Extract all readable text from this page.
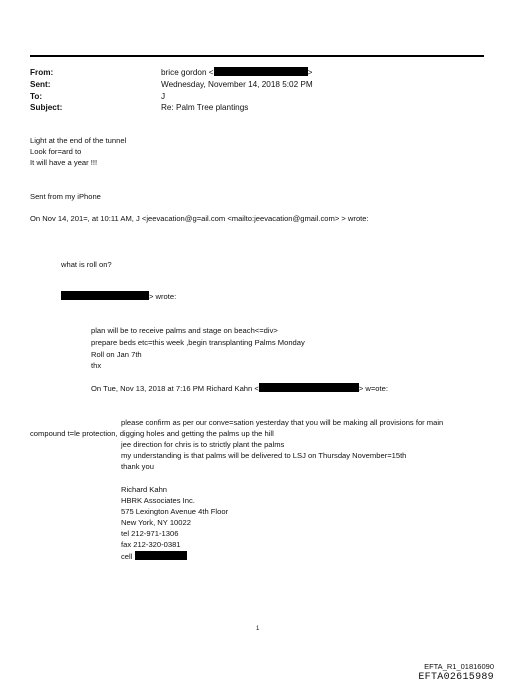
From:	brice gordon <	>
Sent:	Wednesday, November 14, 2018 5:02 PM
To:	J
Subject:	Re: Palm Tree plantings
Light at the end of the tunnel
Look for=ard to
It will have a year !!!
Sent from my iPhone
On Nov 14, 201=, at 10:11 AM, J <jeevacation@g=ail.com <mailto:jeevacation@gmail.com> > wrote:
what is roll on?
> wrote:
plan will be to receive palms and stage on beach<=div>
prepare beds etc=this week ,begin transplanting Palms Monday
Roll on Jan 7th
thx
On Tue, Nov 13, 2018 at 7:16 PM Richard Kahn <	> w=ote:
please confirm as per our conve=sation yesterday that you will be making all provisions for main
compound t=le protection, digging holes and getting the palms up the hill
jee direction for chris is to strictly plant the palms
my understanding is that palms will be delivered to LSJ on Thursday November=15th
thank you
Richard Kahn
HBRK Associates Inc.
575 Lexington Avenue 4th Floor
New York, NY 10022
tel 212-971-1306
fax 212-320-0381
cell
1
EFTA_R1_01816090
EFTA02615989
